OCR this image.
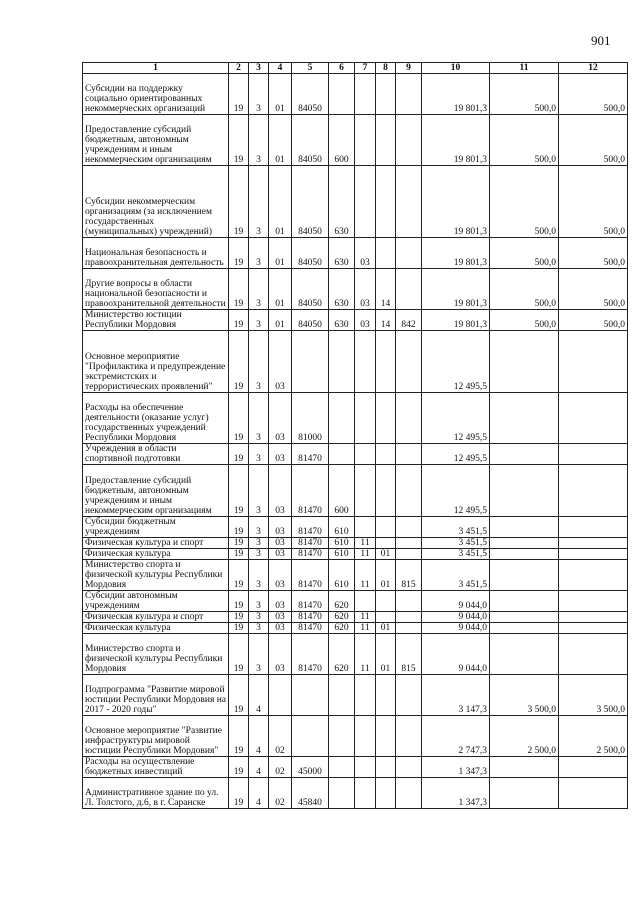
901
1	2	3	4	5	6	7	8	9	10	11	12
Субсидии на поддержку социально ориентированных некоммерческих организаций	19	3	01	84050					19 801,3	500,0	500,0
Предоставление субсидий бюджетным, автономным учреждениям и иным некоммерческим организациям	19	3	01	84050	600				19 801,3	500,0	500,0
Субсидии некоммерческим организациям (за исключением государственных (муниципальных) учреждений)	19	3	01	84050	630				19 801,3	500,0	500,0
Национальная безопасность и правоохранительная деятельность	19	3	01	84050	630	03			19 801,3	500,0	500,0
Другие вопросы в области национальной безопасности и правоохранительной деятельности	19	3	01	84050	630	03	14		19 801,3	500,0	500,0
Министерство юстиции Республики Мордовия	19	3	01	84050	630	03	14	842	19 801,3	500,0	500,0
Основное мероприятие "Профилактика и предупреждение экстремистских и террористических проявлений"	19	3	03						12 495,5		
Расходы на обеспечение деятельности (оказание услуг) государственных учреждений Республики Мордовия	19	3	03	81000					12 495,5		
Учреждения в области спортивной подготовки	19	3	03	81470					12 495,5		
Предоставление субсидий бюджетным, автономным учреждениям и иным некоммерческим организациям	19	3	03	81470	600				12 495,5		
Субсидии бюджетным учреждениям	19	3	03	81470	610				3 451,5		
Физическая культура и спорт	19	3	03	81470	610	11			3 451,5		
Физическая культура	19	3	03	81470	610	11	01		3 451,5		
Министерство спорта и физической культуры Республики Мордовия	19	3	03	81470	610	11	01	815	3 451,5		
Субсидии автономным учреждениям	19	3	03	81470	620				9 044,0		
Физическая культура и спорт	19	3	03	81470	620	11			9 044,0		
Физическая культура	19	3	03	81470	620	11	01		9 044,0		
Министерство спорта и физической культуры Республики Мордовия	19	3	03	81470	620	11	01	815	9 044,0		
Подпрограмма "Развитие мировой юстиции Республики Мордовия на 2017 - 2020 годы"	19	4							3 147,3	3 500,0	3 500,0
Основное мероприятие "Развитие инфраструктуры мировой юстиции Республики Мордовия"	19	4	02						2 747,3	2 500,0	2 500,0
Расходы на осуществление бюджетных инвестиций	19	4	02	45000					1 347,3		
Административное здание по ул. Л. Толстого, д.6, в г. Саранске	19	4	02	45840					1 347,3		
